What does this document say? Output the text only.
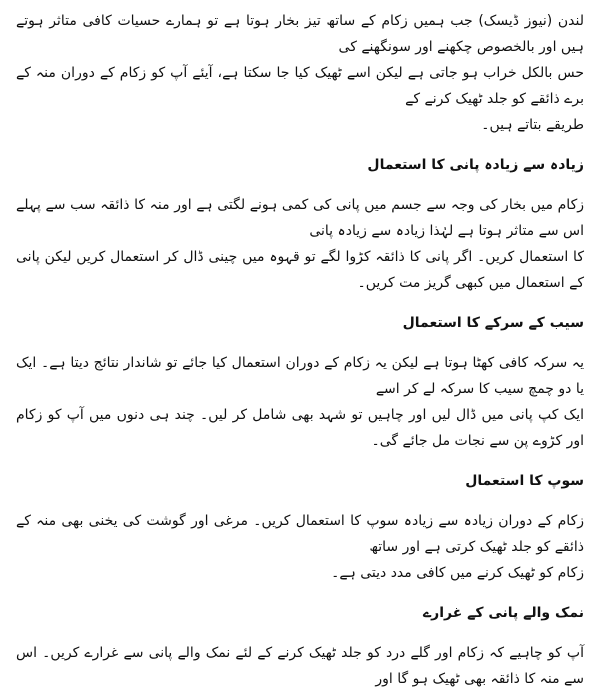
لندن (نیوز ڈیسک) جب ہمیں زکام کے ساتھ تیز بخار ہوتا ہے تو ہمارے حسیات کافی متاثر ہوتے ہیں اور بالخصوص چکھنے اور سونگھنے کی
حس بالکل خراب ہو جاتی ہے لیکن اسے ٹھیک کیا جا سکتا ہے، آیئے آپ کو زکام کے دوران منہ کے برے ذائقے کو جلد ٹھیک کرنے کے
طریقے بتاتے ہیں۔

زیادہ سے زیادہ پانی کا استعمال

زکام میں بخار کی وجہ سے جسم میں پانی کی کمی ہونے لگتی ہے اور منہ کا ذائقہ سب سے پہلے اس سے متاثر ہوتا ہے لہٰذا زیادہ سے زیادہ پانی
کا استعمال کریں۔ اگر پانی کا ذائقہ کڑوا لگے تو قہوہ میں چینی ڈال کر استعمال کریں لیکن پانی کے استعمال میں کبھی گریز مت کریں۔

سیب کے سرکے کا استعمال

یہ سرکہ کافی کھٹا ہوتا ہے لیکن یہ زکام کے دوران استعمال کیا جائے تو شاندار نتائج دیتا ہے۔ ایک یا دو چمچ سیب کا سرکہ لے کر اسے
ایک کپ پانی میں ڈال لیں اور چاہیں تو شہد بھی شامل کر لیں۔ چند ہی دنوں میں آپ کو زکام اور کڑوے پن سے نجات مل جائے گی۔

سوپ کا استعمال

زکام کے دوران زیادہ سے زیادہ سوپ کا استعمال کریں۔ مرغی اور گوشت کی یخنی بھی منہ کے ذائقے کو جلد ٹھیک کرتی ہے اور ساتھ
زکام کو ٹھیک کرنے میں کافی مدد دیتی ہے۔

نمک والے پانی کے غرارے

آپ کو چاہیے کہ زکام اور گلے درد کو جلد ٹھیک کرنے کے لئے نمک والے پانی سے غرارے کریں۔ اس سے منہ کا ذائقہ بھی ٹھیک ہو گا اور
